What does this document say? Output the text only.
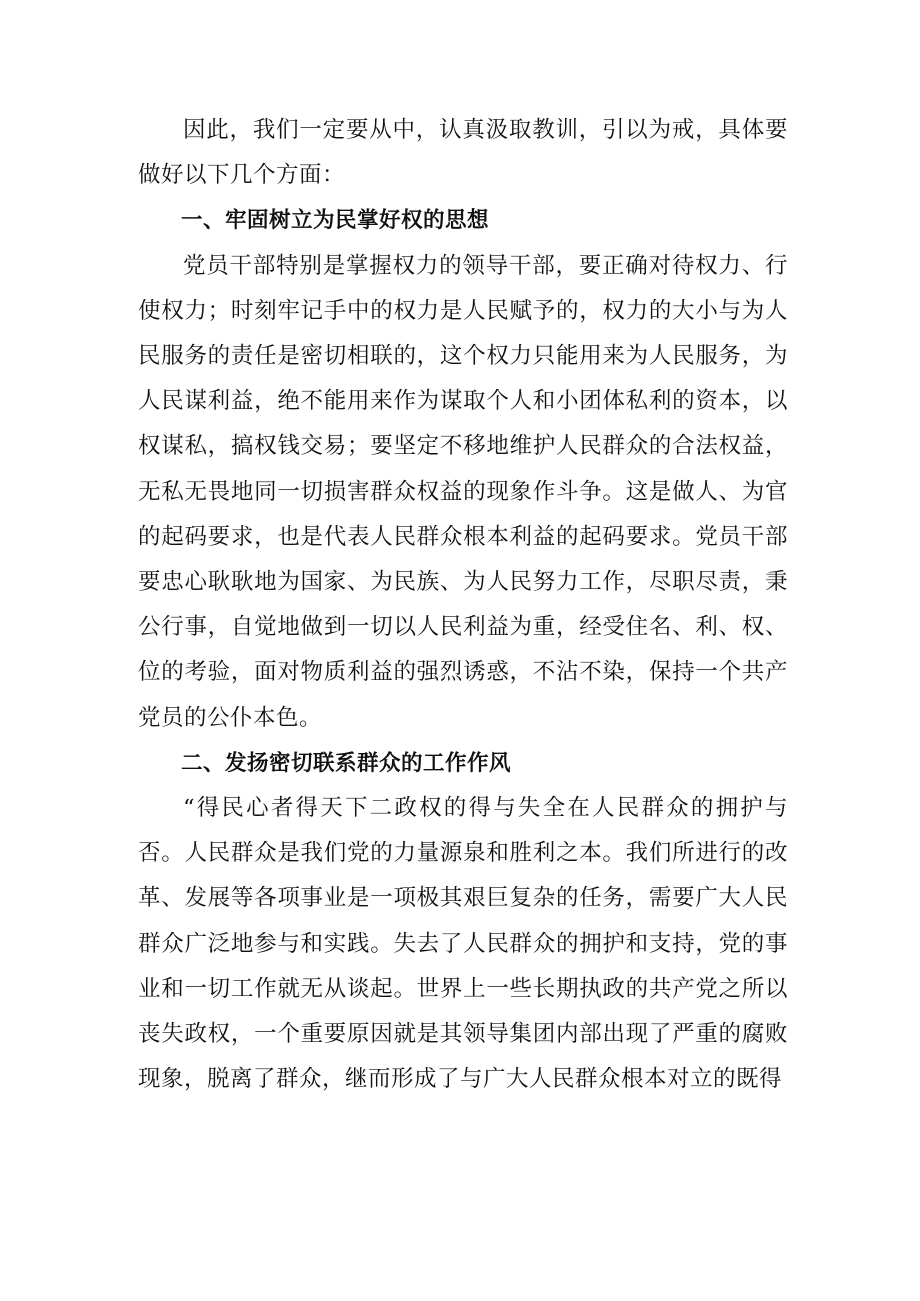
因此，我们一定要从中，认真汲取教训，引以为戒，具体要做好以下几个方面：

一、牢固树立为民掌好权的思想

党员干部特别是掌握权力的领导干部，要正确对待权力、行使权力；时刻牢记手中的权力是人民赋予的，权力的大小与为人民服务的责任是密切相联的，这个权力只能用来为人民服务，为人民谋利益，绝不能用来作为谋取个人和小团体私利的资本，以权谋私，搞权钱交易；要坚定不移地维护人民群众的合法权益，无私无畏地同一切损害群众权益的现象作斗争。这是做人、为官的起码要求，也是代表人民群众根本利益的起码要求。党员干部要忠心耿耿地为国家、为民族、为人民努力工作，尽职尽责，秉公行事，自觉地做到一切以人民利益为重，经受住名、利、权、位的考验，面对物质利益的强烈诱惑，不沾不染，保持一个共产党员的公仆本色。

二、发扬密切联系群众的工作作风

“得民心者得天下二政权的得与失全在人民群众的拥护与否。人民群众是我们党的力量源泉和胜利之本。我们所进行的改革、发展等各项事业是一项极其艰巨复杂的任务，需要广大人民群众广泛地参与和实践。失去了人民群众的拥护和支持，党的事业和一切工作就无从谈起。世界上一些长期执政的共产党之所以丧失政权，一个重要原因就是其领导集团内部出现了严重的腐败现象，脱离了群众，继而形成了与广大人民群众根本对立的既得
